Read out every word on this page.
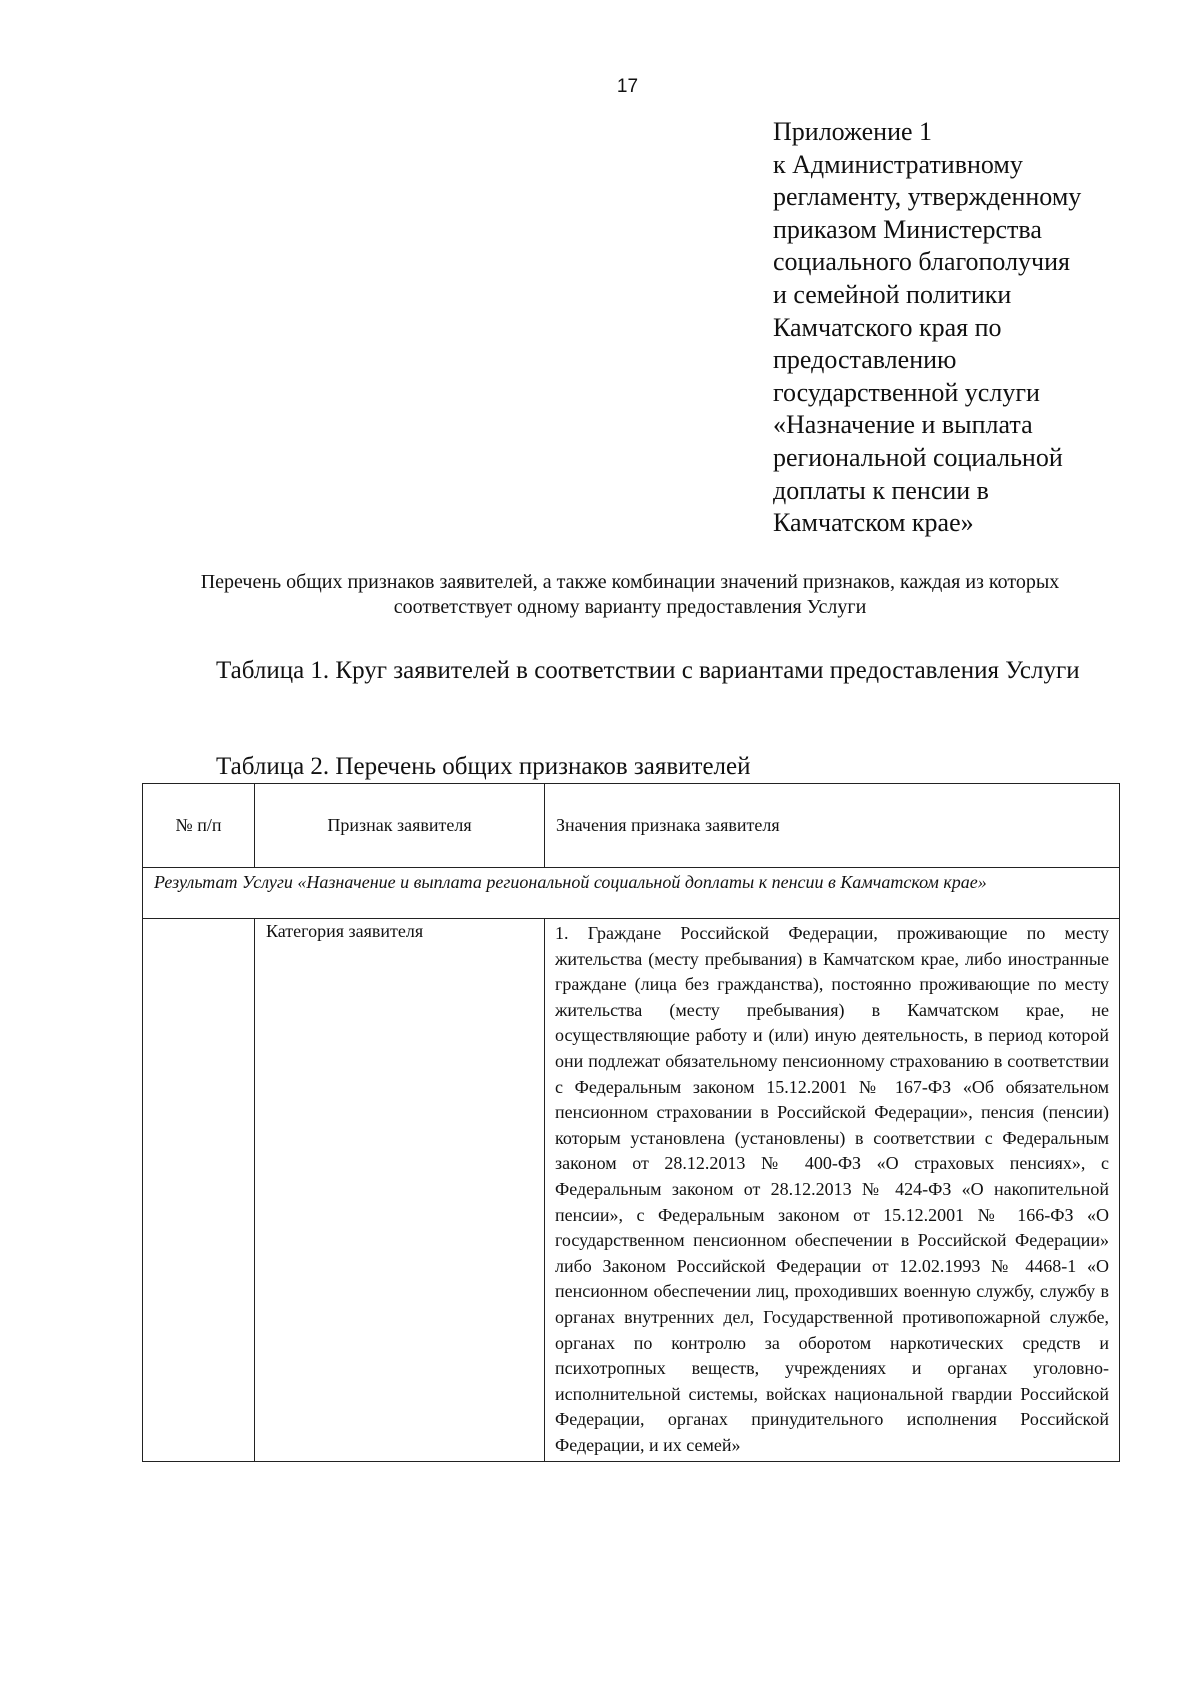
17
Приложение 1
к Административному
регламенту, утвержденному
приказом Министерства
социального благополучия
и семейной политики
Камчатского края по
предоставлению
государственной услуги
«Назначение и выплата
региональной социальной
доплаты к пенсии в
Камчатском крае»
Перечень общих признаков заявителей, а также комбинации значений признаков, каждая из которых соответствует одному варианту предоставления Услуги
Таблица 1. Круг заявителей в соответствии с вариантами предоставления Услуги
Таблица 2. Перечень общих признаков заявителей
№ п/п	Признак заявителя	Значения признака заявителя
Результат Услуги «Назначение и выплата региональной социальной доплаты к пенсии в Камчатском крае»		
	Категория заявителя	1. Граждане Российской Федерации, проживающие по месту жительства (месту пребывания) в Камчатском крае, либо иностранные граждане (лица без гражданства), постоянно проживающие по месту жительства (месту пребывания) в Камчатском крае, не осуществляющие работу и (или) иную деятельность, в период которой они подлежат обязательному пенсионному страхованию в соответствии с Федеральным законом 15.12.2001 № 167-ФЗ «Об обязательном пенсионном страховании в Российской Федерации», пенсия (пенсии) которым установлена (установлены) в соответствии с Федеральным законом от 28.12.2013 № 400-ФЗ «О страховых пенсиях», с Федеральным законом от 28.12.2013 № 424-ФЗ «О накопительной пенсии», с Федеральным законом от 15.12.2001 № 166-ФЗ «О государственном пенсионном обеспечении в Российской Федерации» либо Законом Российской Федерации от 12.02.1993 № 4468-1 «О пенсионном обеспечении лиц, проходивших военную службу, службу в органах внутренних дел, Государственной противопожарной службе, органах по контролю за оборотом наркотических средств и психотропных веществ, учреждениях и органах уголовно-исполнительной системы, войсках национальной гвардии Российской Федерации, органах принудительного исполнения Российской Федерации, и их семей»
